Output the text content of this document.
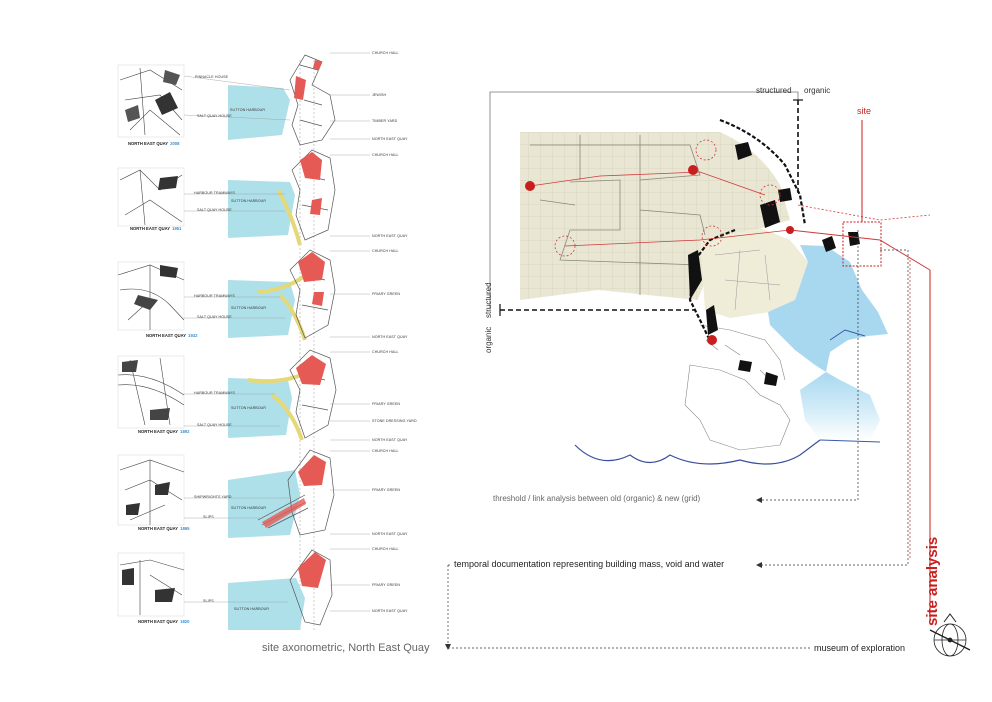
NORTH EAST QUAY 2008
NORTH EAST QUAY 1951
NORTH EAST QUAY 1932
NORTH EAST QUAY 1892
NORTH EAST QUAY 1865
NORTH EAST QUAY 1820
PINNACLE HOUSE
SUTTON HARBOUR
SALT QUAY HOUSE
HARBOUR TRAMWAYS
SUTTON HARBOUR
SALT QUAY HOUSE
HARBOUR TRAMWAYS
SUTTON HARBOUR
SALT QUAY HOUSE
HARBOUR TRAMWAYS
SUTTON HARBOUR
SALT QUAY HOUSE
SHIPWRIGHTS YARD
SUTTON HARBOUR
SLIPS
SLIPS
SUTTON HARBOUR
CHURCH HALL
JEWISH
TIMBER YARD
NORTH EAST QUAY
CHURCH HALL
NORTH EAST QUAY
CHURCH HALL
FRIARY GREEN
NORTH EAST QUAY
CHURCH HALL
FRIARY GREEN
STONE DRESSING YARD
NORTH EAST QUAY
CHURCH HALL
FRIARY GREEN
NORTH EAST QUAY
CHURCH HALL
FRIARY GREEN
NORTH EAST QUAY
structured organic
structured
organic
site
threshold / link analysis between old (organic) & new (grid)
temporal documentation representing building mass, void and water
site axonometric, North East Quay	museum of exploration
site analysis
